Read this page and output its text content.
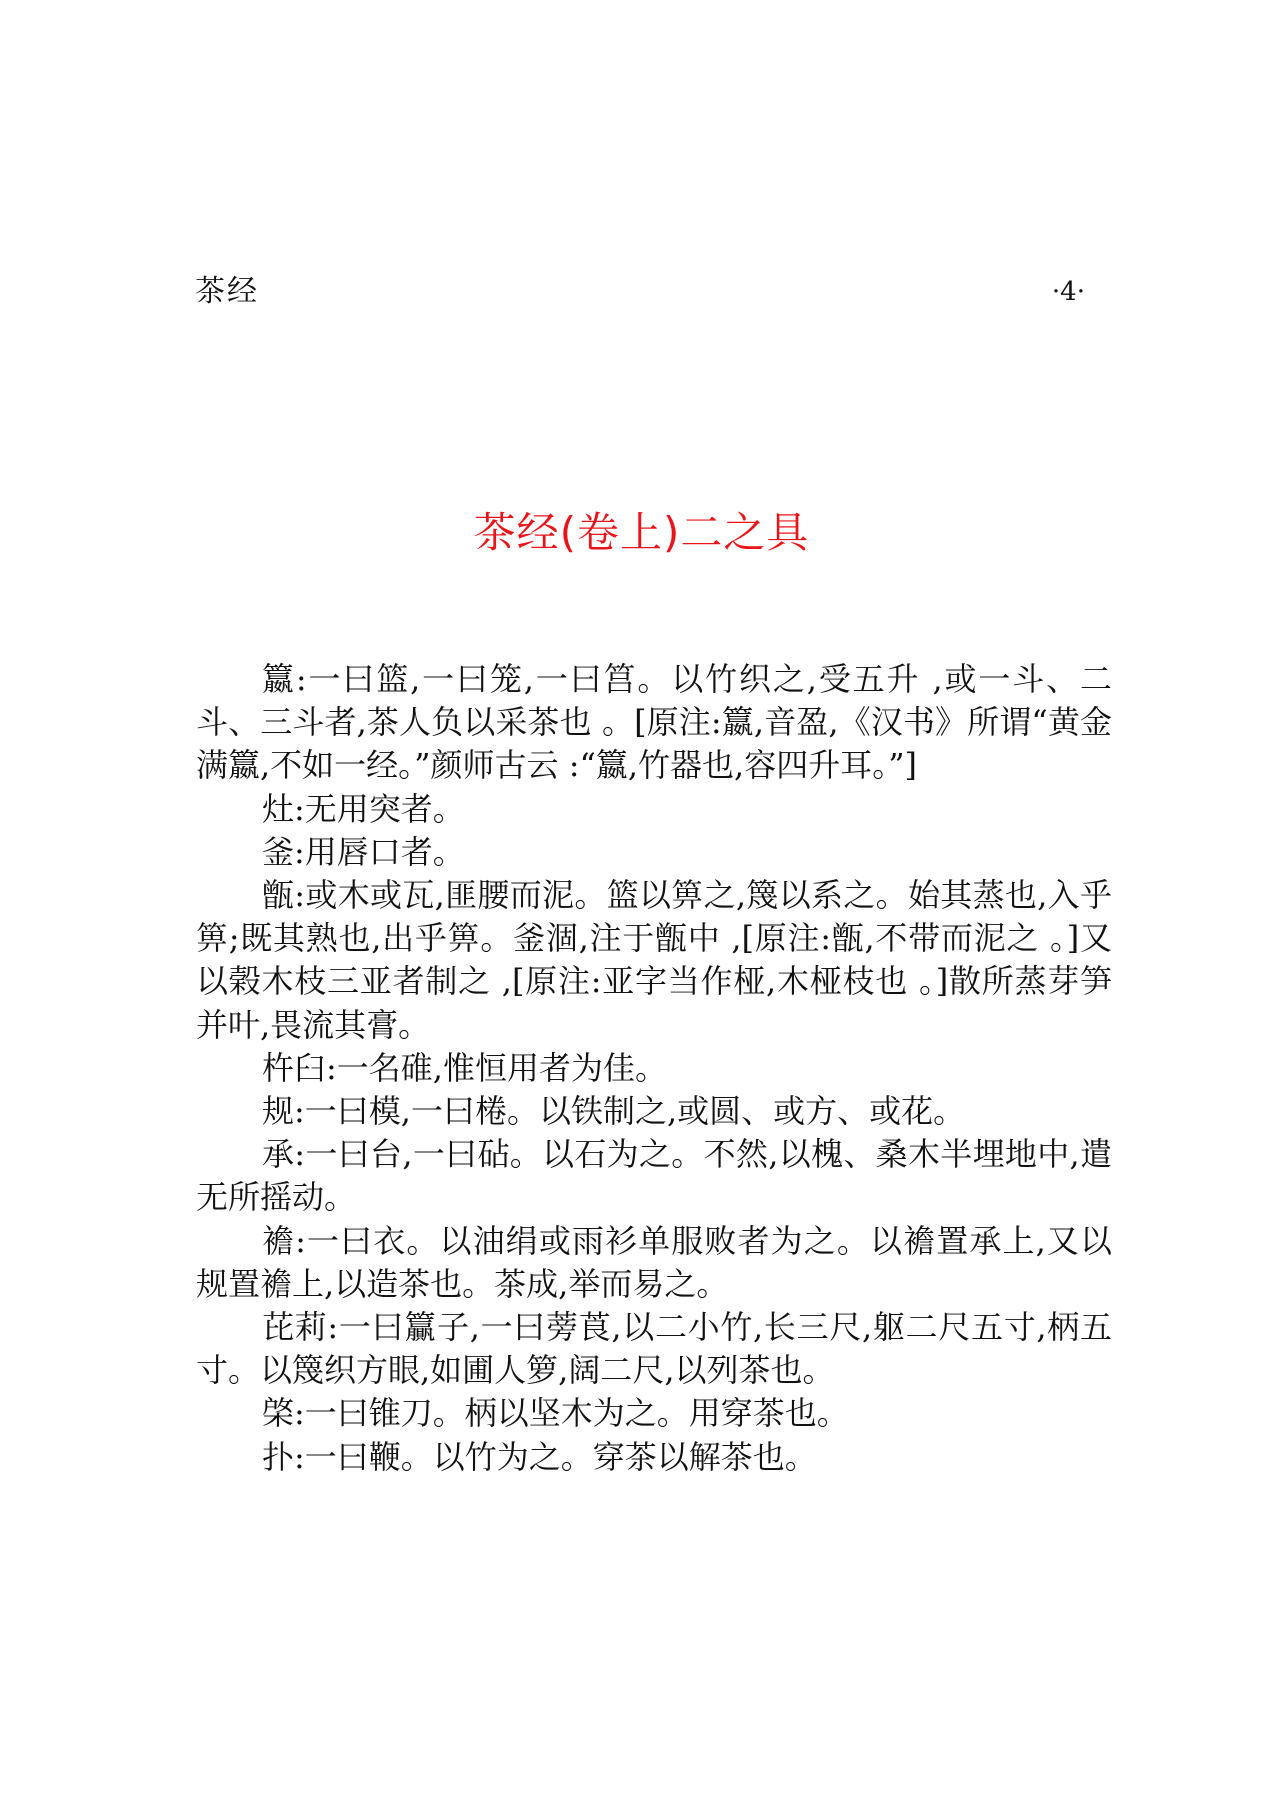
茶经	·4·
茶经(卷上)二之具

籝:一曰篮,一曰笼,一曰筥。以竹织之,受五升 ,或一斗、二斗、三斗者,茶人负以采茶也 。[原注:籝,音盈,《汉书》所谓“黄金满籝,不如一经。”颜师古云 :“籝,竹器也,容四升耳。”]

灶:无用突者。

釜:用唇口者。

甑:或木或瓦,匪腰而泥。篮以箅之,篾以系之。始其蒸也,入乎箅;既其熟也,出乎箅。釜涸,注于甑中 ,[原注:甑,不带而泥之 。]又以榖木枝三亚者制之 ,[原注:亚字当作桠,木桠枝也 。]散所蒸芽笋并叶,畏流其膏。

杵臼:一名碓,惟恒用者为佳。

规:一曰模,一曰棬。以铁制之,或圆、或方、或花。

承:一曰台,一曰砧。以石为之。不然,以槐、桑木半埋地中,遣无所摇动。

襜:一曰衣。以油绢或雨衫单服败者为之。以襜置承上,又以规置襜上,以造茶也。茶成,举而易之。

芘莉:一曰籯子,一曰蒡莨,以二小竹,长三尺,躯二尺五寸,柄五寸。以篾织方眼,如圃人箩,阔二尺,以列茶也。

棨:一曰锥刀。柄以坚木为之。用穿茶也。

扑:一曰鞭。以竹为之。穿茶以解茶也。
